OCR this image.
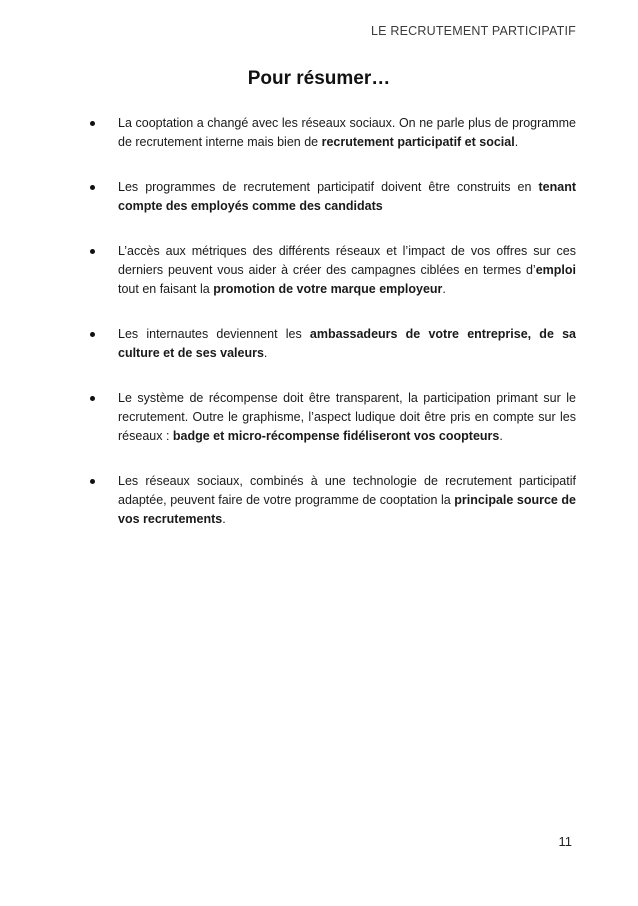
LE RECRUTEMENT PARTICIPATIF
Pour résumer…
La cooptation a changé avec les réseaux sociaux. On ne parle plus de programme de recrutement interne mais bien de recrutement participatif et social.
Les programmes de recrutement participatif doivent être construits en tenant compte des employés comme des candidats
L’accès aux métriques des différents réseaux et l’impact de vos offres sur ces derniers peuvent vous aider à créer des campagnes ciblées en termes d’emploi tout en faisant la promotion de votre marque employeur.
Les internautes deviennent les ambassadeurs de votre entreprise, de sa culture et de ses valeurs.
Le système de récompense doit être transparent, la participation primant sur le recrutement. Outre le graphisme, l’aspect ludique doit être pris en compte sur les réseaux : badge et micro-récompense fidéliseront vos coopteurs.
Les réseaux sociaux, combinés à une technologie de recrutement participatif adaptée, peuvent faire de votre programme de cooptation la principale source de vos recrutements.
11
